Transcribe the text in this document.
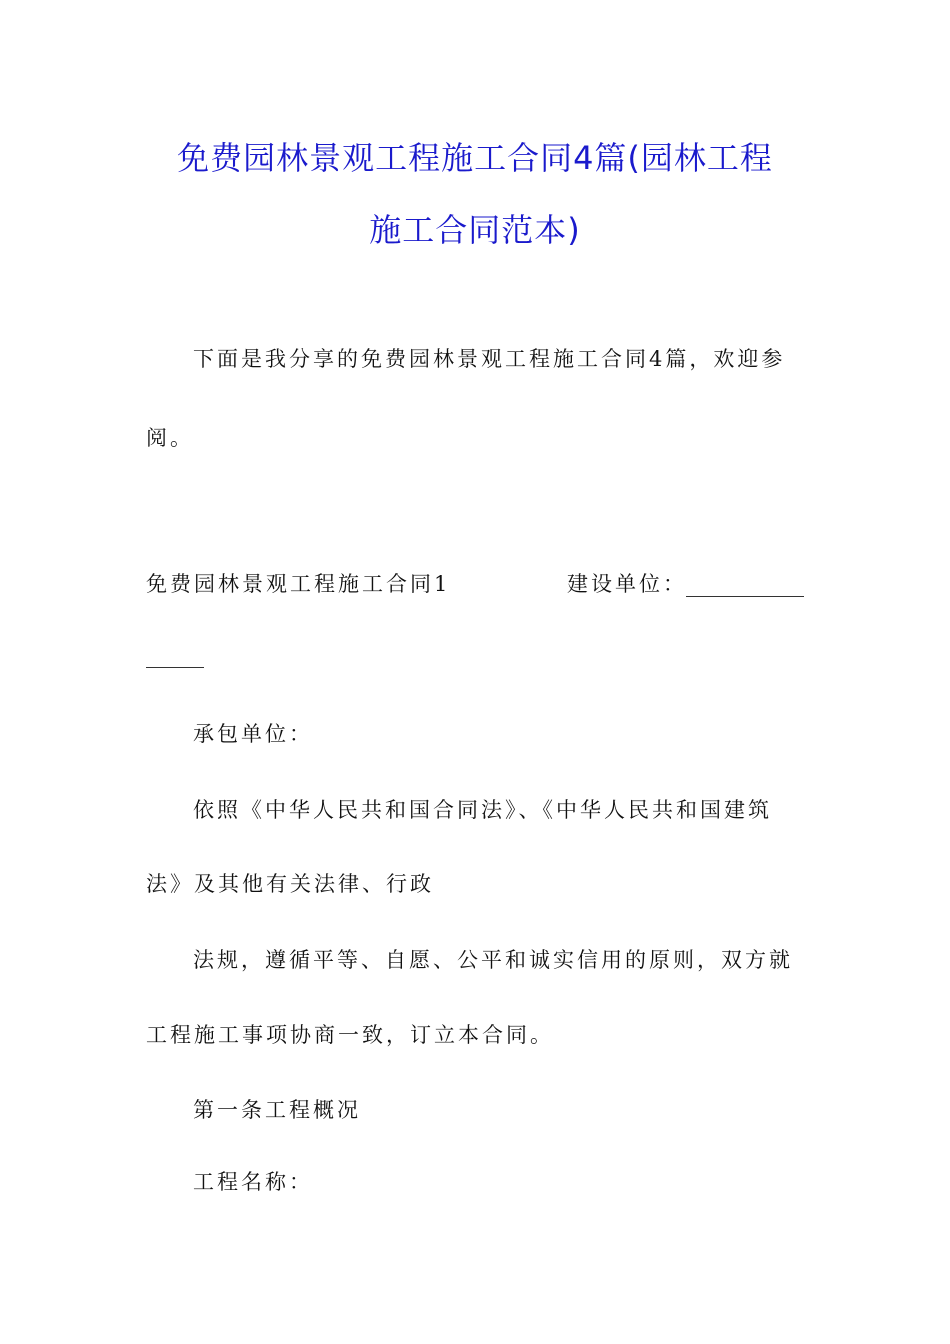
免费园林景观工程施工合同4篇(园林工程
施工合同范本)
下面是我分享的免费园林景观工程施工合同4篇，欢迎参
阅。
免费园林景观工程施工合同1	建设单位：
承包单位：
依照《中华人民共和国合同法》、《中华人民共和国建筑
法》及其他有关法律、行政
法规，遵循平等、自愿、公平和诚实信用的原则，双方就
工程施工事项协商一致，订立本合同。
第一条工程概况
工程名称：
